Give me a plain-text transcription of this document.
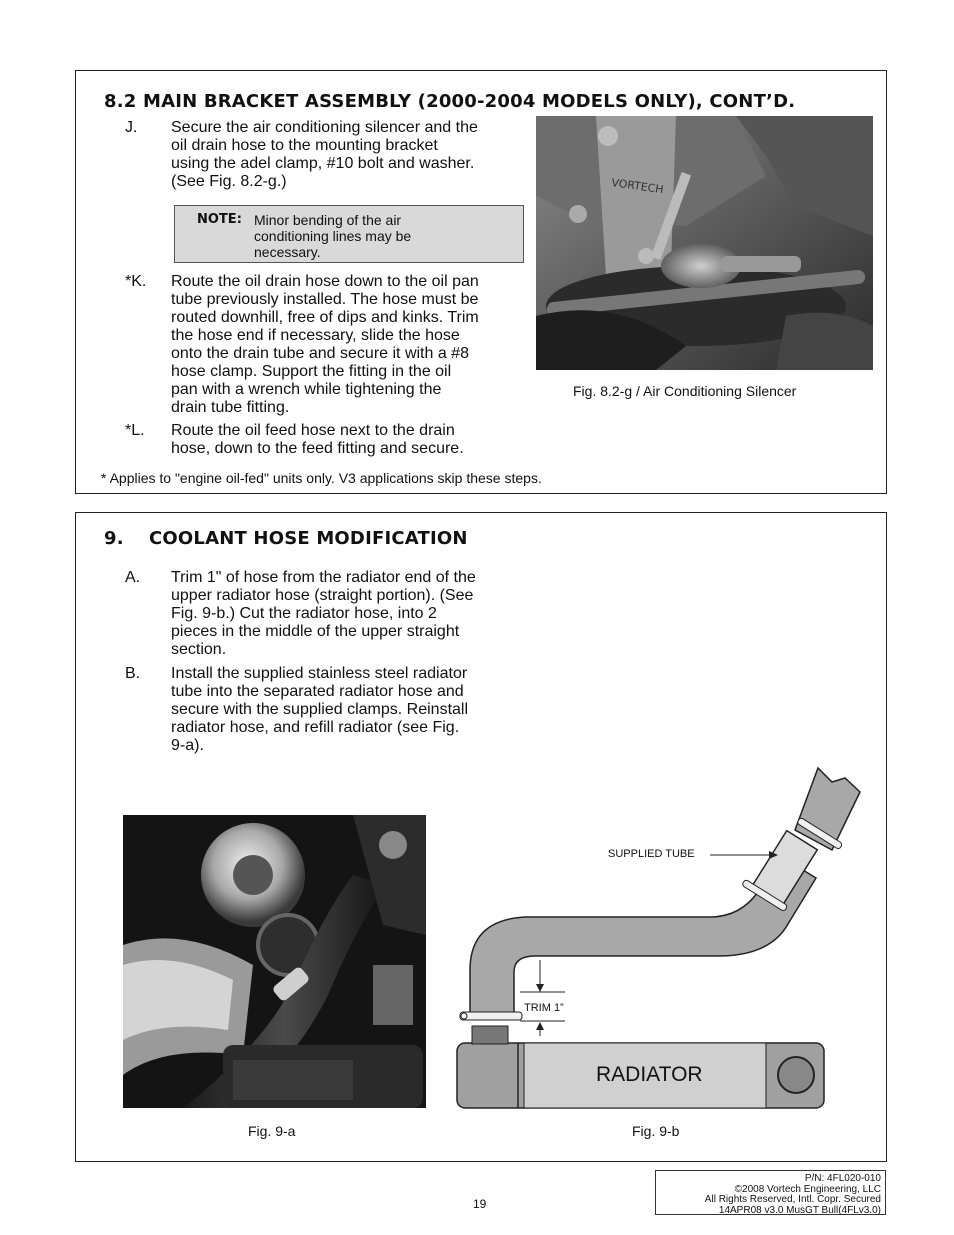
8.2 MAIN BRACKET ASSEMBLY (2000-2004 MODELS ONLY), CONT’D.
J. Secure the air conditioning silencer and the
oil drain hose to the mounting bracket
using the adel clamp, #10 bolt and washer.
(See Fig. 8.2-g.)
NOTE: Minor bending of the air
conditioning lines may be
necessary.
*K. Route the oil drain hose down to the oil pan
tube previously installed. The hose must be
routed downhill, free of dips and kinks. Trim
the hose end if necessary, slide the hose
onto the drain tube and secure it with a #8
hose clamp. Support the fitting in the oil
pan with a wrench while tightening the
drain tube fitting.
*L. Route the oil feed hose next to the drain
hose, down to the feed fitting and secure.
VORTECH
Fig. 8.2-g / Air Conditioning Silencer
* Applies to "engine oil-fed" units only. V3 applications skip these steps.
9. COOLANT HOSE MODIFICATION
A. Trim 1" of hose from the radiator end of the
upper radiator hose (straight portion). (See
Fig. 9-b.) Cut the radiator hose, into 2
pieces in the middle of the upper straight
section.
B. Install the supplied stainless steel radiator
tube into the separated radiator hose and
secure with the supplied clamps. Reinstall
radiator hose, and refill radiator (see Fig.
9-a).
SUPPLIED TUBE
TRIM 1”
RADIATOR
Fig. 9-a	Fig. 9-b
19
P/N: 4FL020-010
©2008 Vortech Engineering, LLC
All Rights Reserved, Intl. Copr. Secured
14APR08 v3.0 MusGT Bull(4FLv3.0)
